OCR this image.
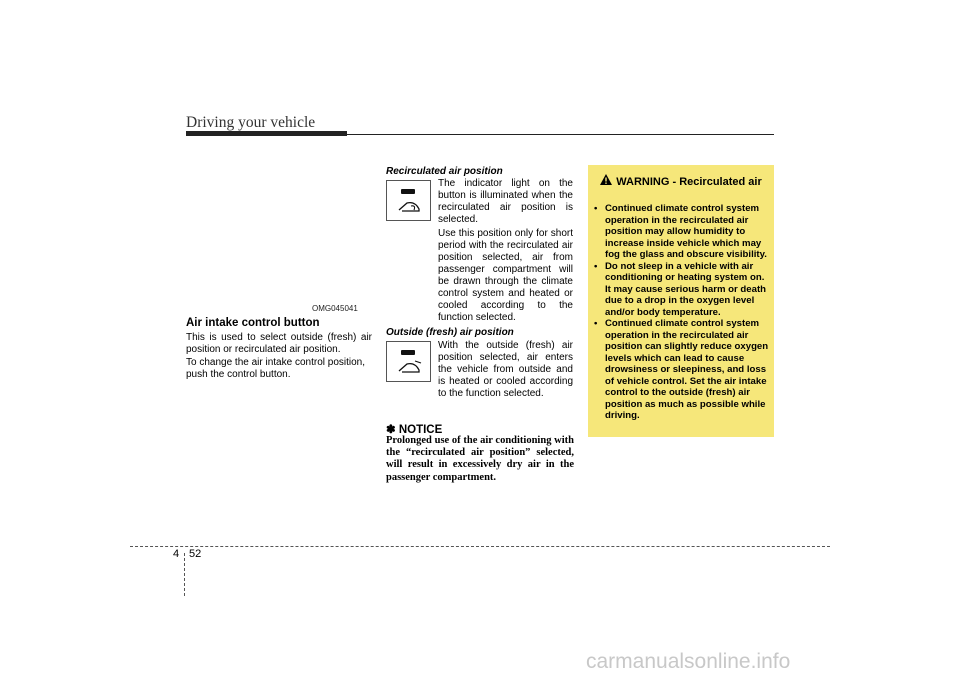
Driving your vehicle
OMG045041
Air intake control button

This is used to select outside (fresh) air position or recirculated air position.

To change the air intake control position, push the control button.

Recirculated air position

The indicator light on the button is illuminated when the recirculated air position is selected.

Use this position only for short period with the recirculated air position selected, air from passenger compartment will be drawn through the climate control system and heated or cooled according to the function selected.

Outside (fresh) air position

With the outside (fresh) air position selected, air enters the vehicle from outside and is heated or cooled according to the function selected.

✽ NOTICE

Prolonged use of the air conditioning with the “recirculated air position” selected, will result in excessively dry air in the passenger compartment.

WARNING - Recirculated air
• Continued climate control system operation in the recirculated air position may allow humidity to increase inside vehicle which may fog the glass and obscure visibility.
• Do not sleep in a vehicle with air conditioning or heating system on. It may cause serious harm or death due to a drop in the oxygen level and/or body temperature.
• Continued climate control system operation in the recirculated air position can slightly reduce oxygen levels which can lead to cause drowsiness or sleepiness, and loss of vehicle control. Set the air intake control to the outside (fresh) air position as much as possible while driving.
4 52
carmanualsonline.info
